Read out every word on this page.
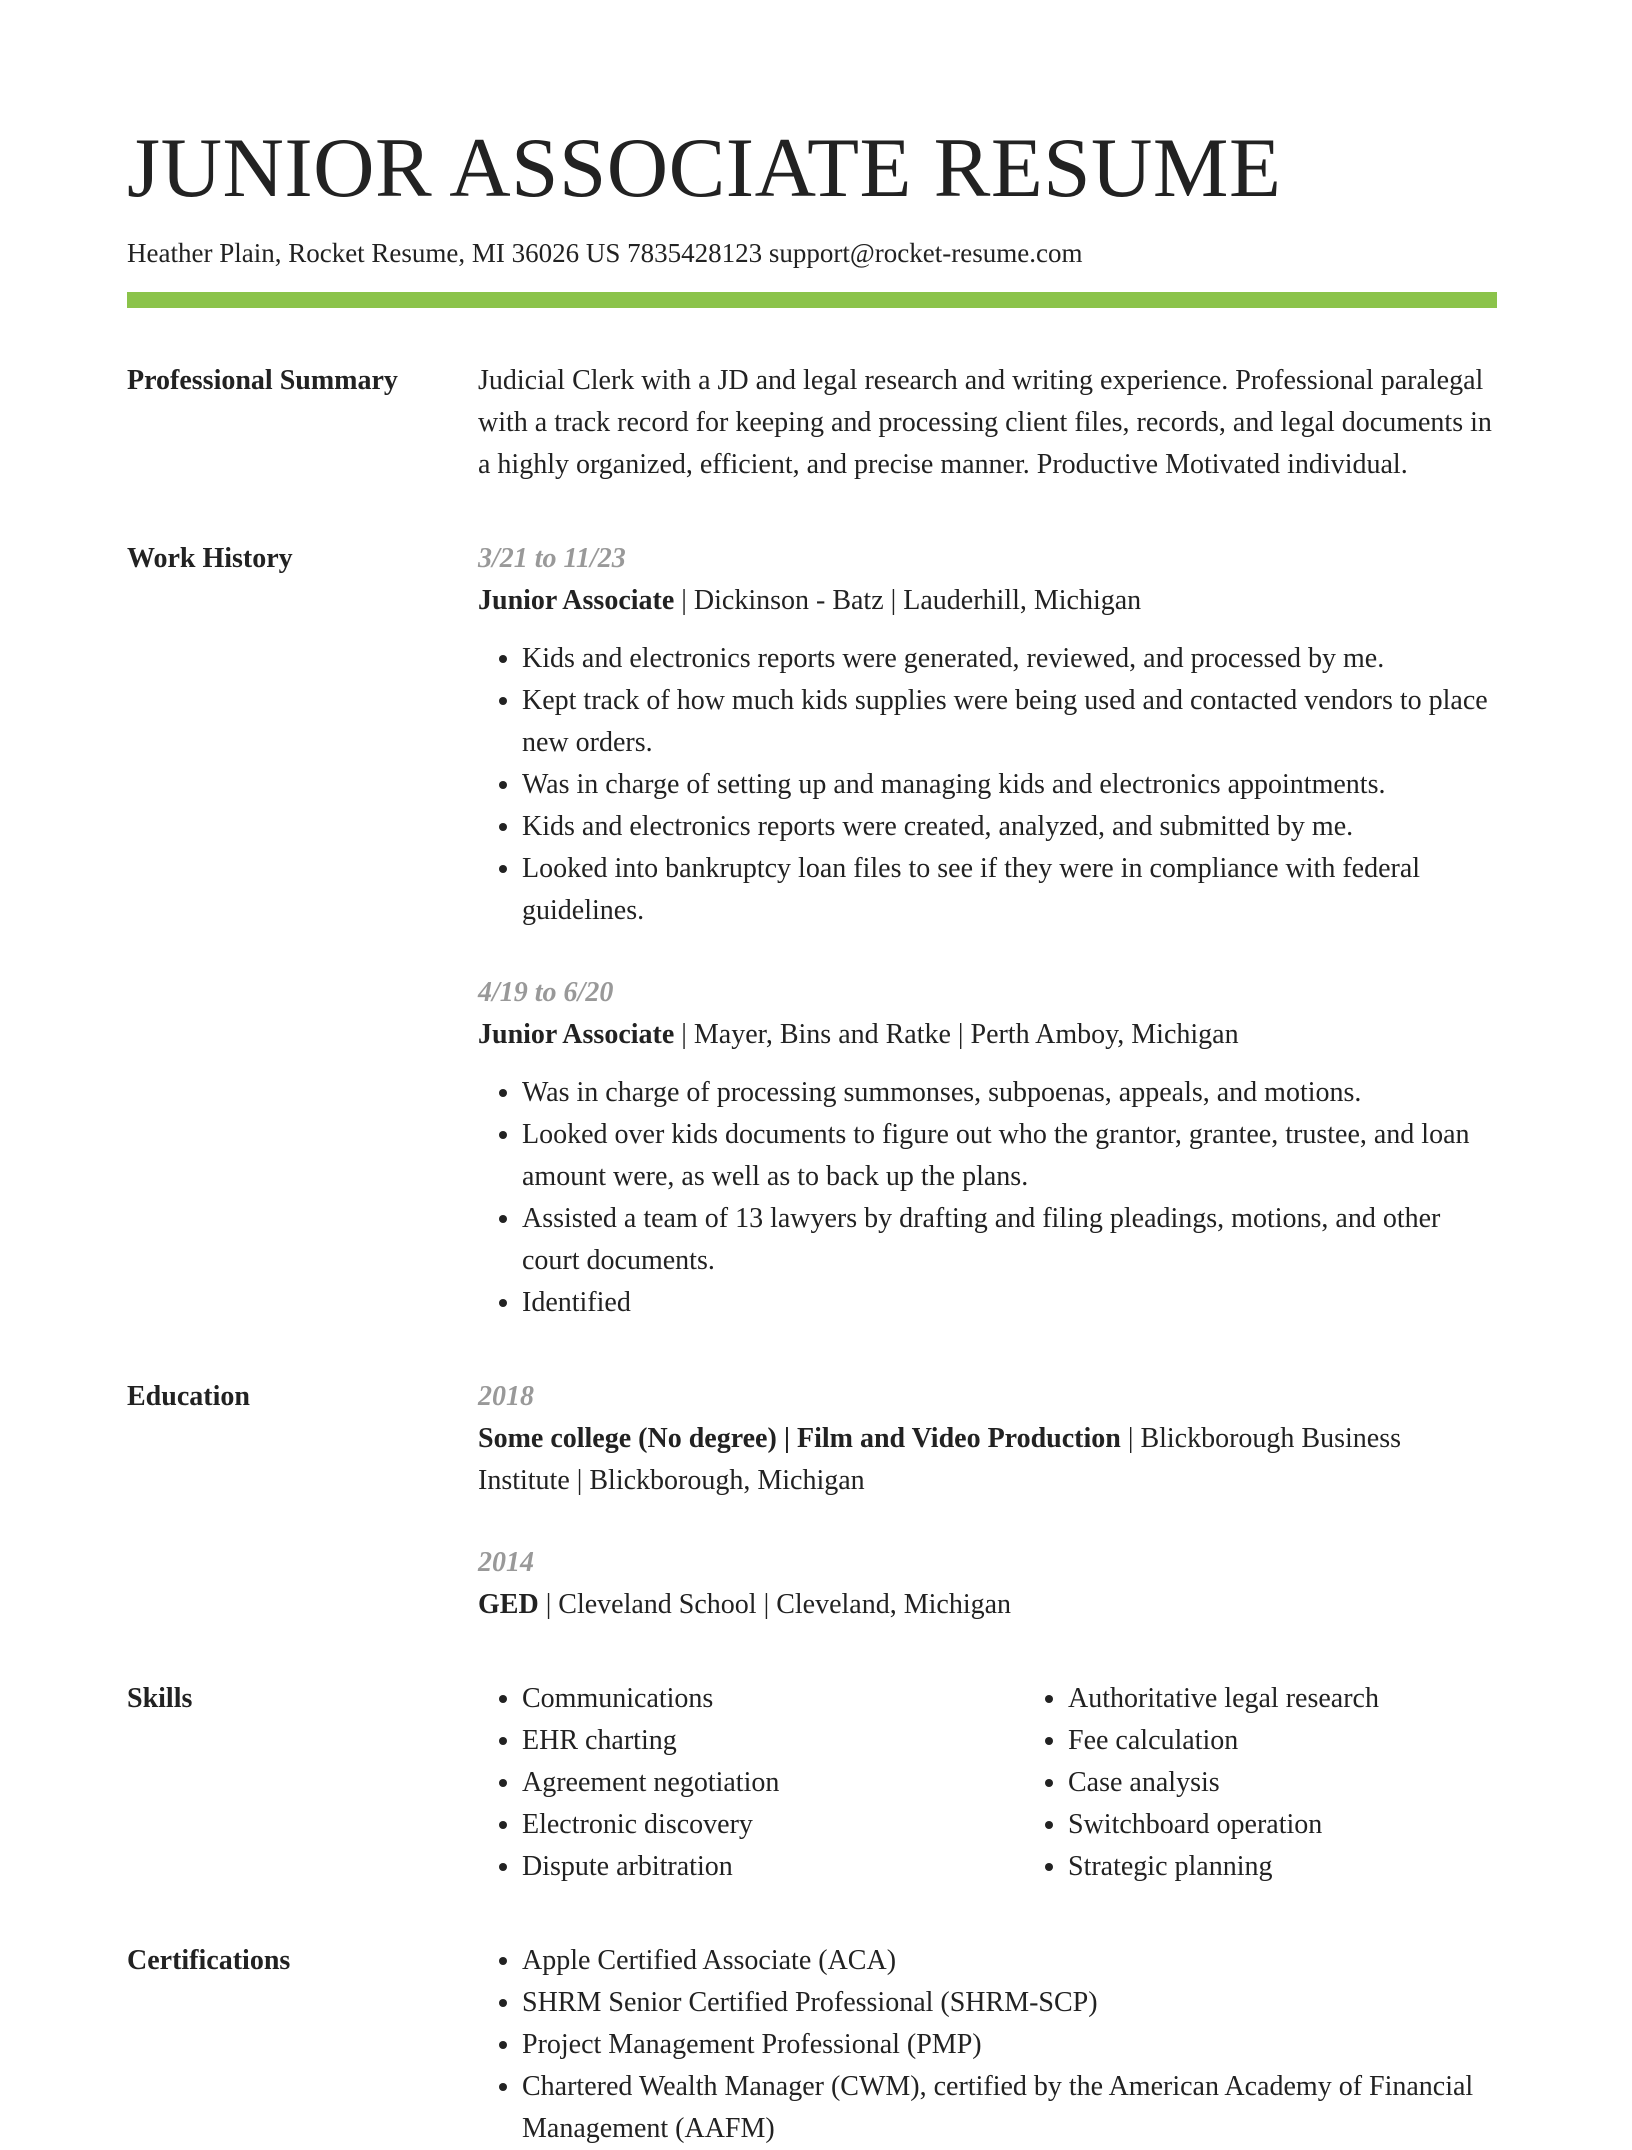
JUNIOR ASSOCIATE RESUME
Heather Plain, Rocket Resume, MI 36026 US 7835428123 support@rocket-resume.com
Professional Summary	Judicial Clerk with a JD and legal research and writing experience. Professional paralegal with a track record for keeping and processing client files, records, and legal documents in a highly organized, efficient, and precise manner. Productive Motivated individual.

Work History	3/21 to 11/23

Junior Associate | Dickinson - Batz | Lauderhill, Michigan

• Kids and electronics reports were generated, reviewed, and processed by me.
• Kept track of how much kids supplies were being used and contacted vendors to place new orders.
• Was in charge of setting up and managing kids and electronics appointments.
• Kids and electronics reports were created, analyzed, and submitted by me.
• Looked into bankruptcy loan files to see if they were in compliance with federal guidelines.

4/19 to 6/20

Junior Associate | Mayer, Bins and Ratke | Perth Amboy, Michigan

• Was in charge of processing summonses, subpoenas, appeals, and motions.
• Looked over kids documents to figure out who the grantor, grantee, trustee, and loan amount were, as well as to back up the plans.
• Assisted a team of 13 lawyers by drafting and filing pleadings, motions, and other court documents.
• Identified
Education	2018

Some college (No degree) | Film and Video Production | Blickborough Business Institute | Blickborough, Michigan

2014

GED | Cleveland School | Cleveland, Michigan

Skills	• Communications
• EHR charting
• Agreement negotiation
• Electronic discovery
• Dispute arbitration
• Authoritative legal research
• Fee calculation
• Case analysis
• Switchboard operation
• Strategic planning
Certifications	• Apple Certified Associate (ACA)
• SHRM Senior Certified Professional (SHRM-SCP)
• Project Management Professional (PMP)
• Chartered Wealth Manager (CWM), certified by the American Academy of Financial Management (AAFM)
